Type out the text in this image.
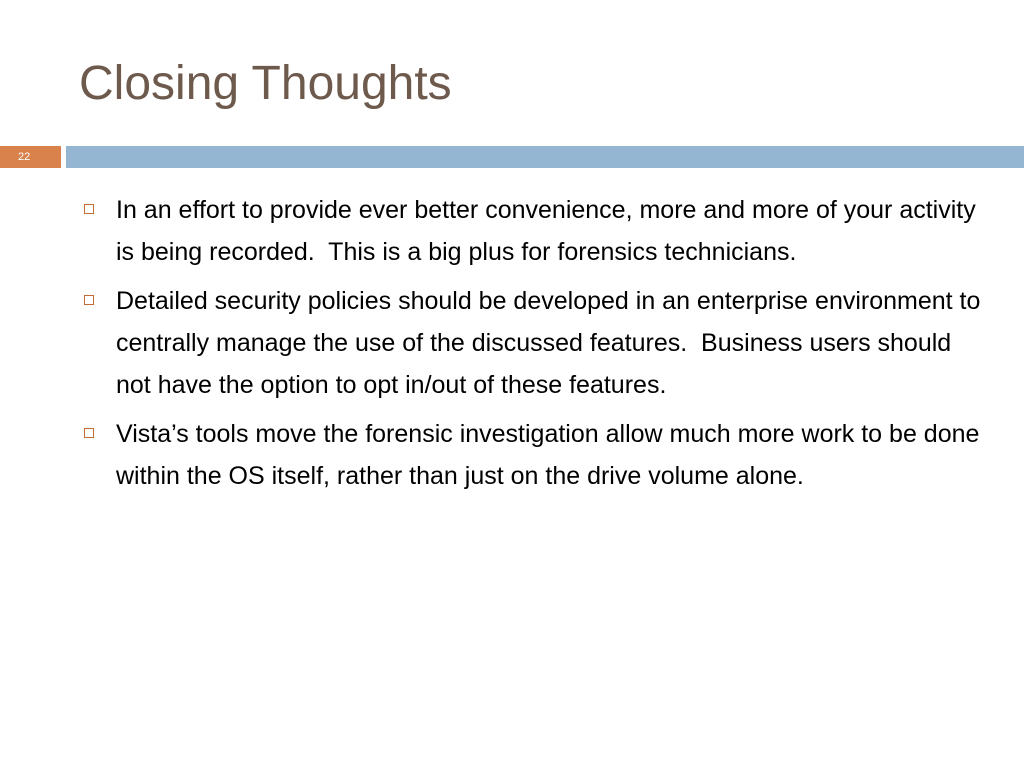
Closing Thoughts
22
In an effort to provide ever better convenience, more and more of your activity is being recorded.  This is a big plus for forensics technicians.
Detailed security policies should be developed in an enterprise environment to centrally manage the use of the discussed features.  Business users should not have the option to opt in/out of these features.
Vista’s tools move the forensic investigation allow much more work to be done within the OS itself, rather than just on the drive volume alone.
